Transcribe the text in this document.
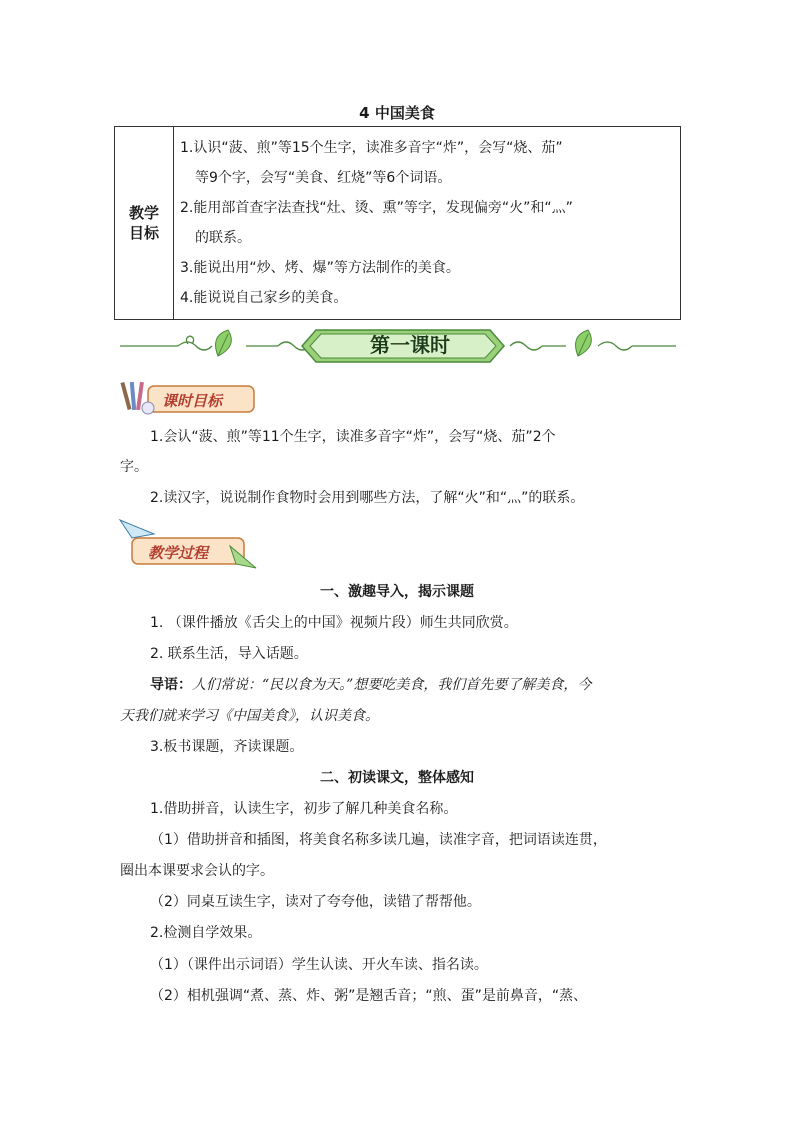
4 中国美食
教学
目标

1.认识“菠、煎”等15个生字，读准多音字“炸”，会写“烧、茄”
等9个字，会写“美食、红烧”等6个词语。
2.能用部首查字法查找“灶、烫、熏”等字，发现偏旁“火”和“灬”
的联系。
3.能说出用“炒、烤、爆”等方法制作的美食。
4.能说说自己家乡的美食。
第一课时
课时目标
1.会认“菠、煎”等11个生字，读准多音字“炸”，会写“烧、茄”2个
字。
2.读汉字，说说制作食物时会用到哪些方法，了解“火”和“灬”的联系。
教学过程
一、激趣导入，揭示课题
1. （课件播放《舌尖上的中国》视频片段）师生共同欣赏。
2. 联系生活，导入话题。
导语：人们常说：“民以食为天。”想要吃美食，我们首先要了解美食，今
天我们就来学习《中国美食》，认识美食。
3.板书课题，齐读课题。
二、初读课文，整体感知
1.借助拼音，认读生字，初步了解几种美食名称。
（1）借助拼音和插图，将美食名称多读几遍，读准字音，把词语读连贯，
圈出本课要求会认的字。
（2）同桌互读生字，读对了夸夸他，读错了帮帮他。
2.检测自学效果。
（1）（课件出示词语）学生认读、开火车读、指名读。
（2）相机强调“煮、蒸、炸、粥”是翘舌音；“煎、蛋”是前鼻音，“蒸、
